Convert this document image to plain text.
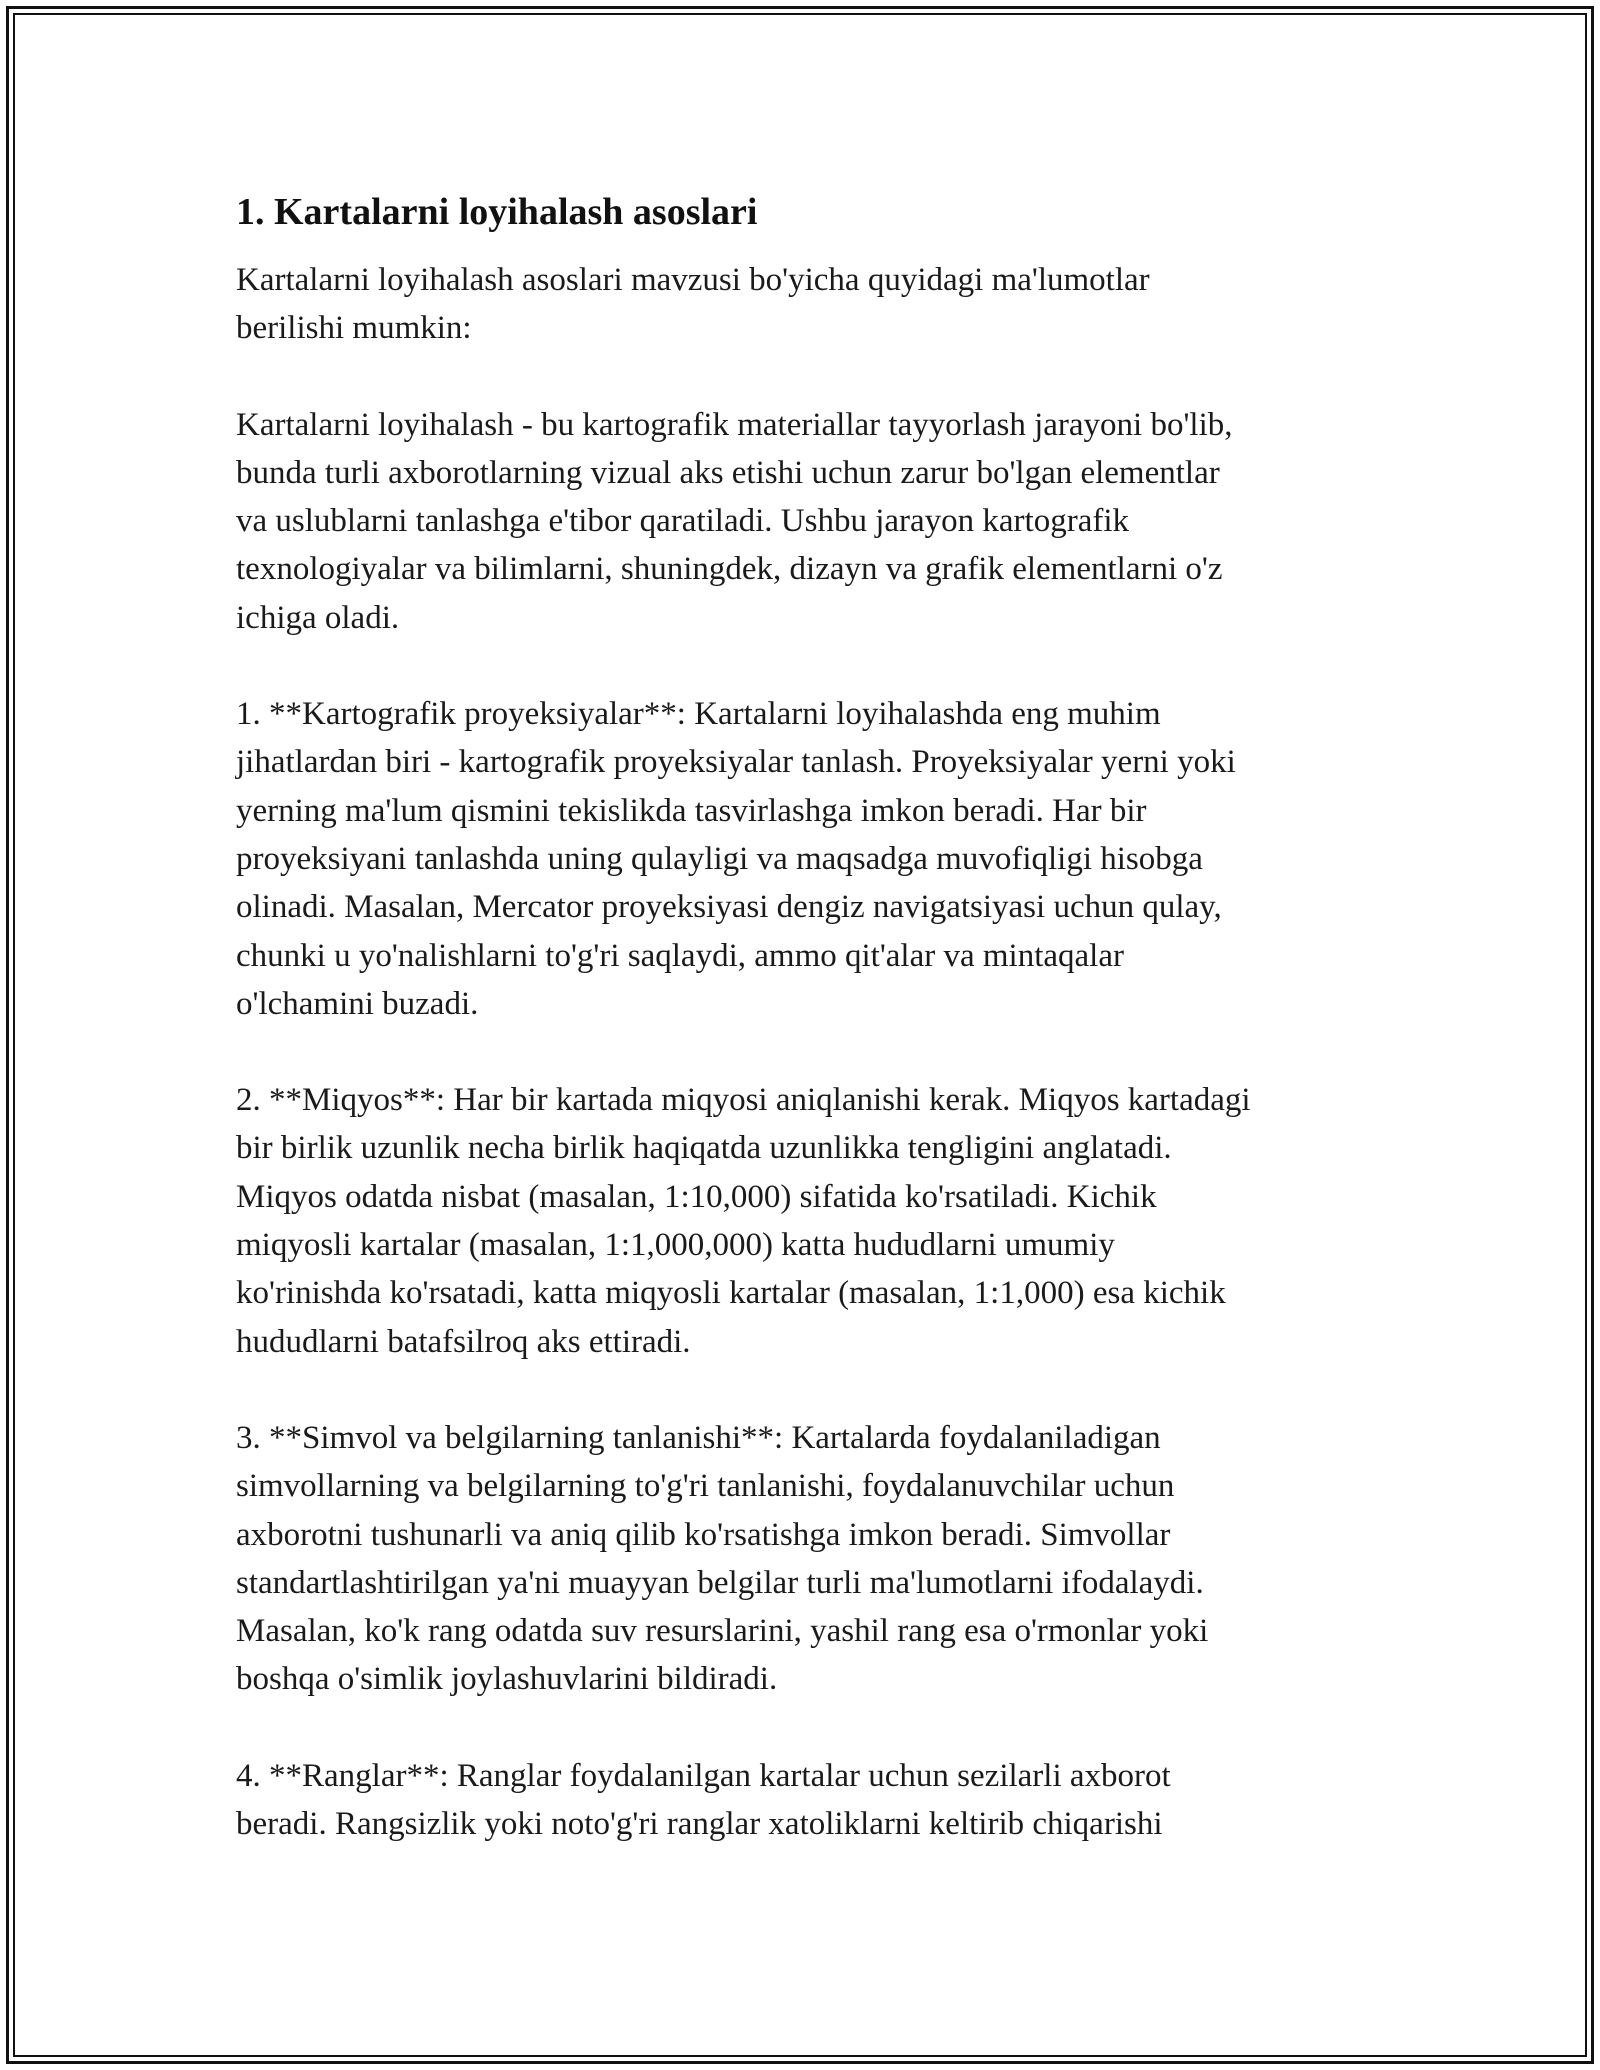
1. Kartalarni loyihalash asoslari

Kartalarni loyihalash asoslari mavzusi bo'yicha quyidagi ma'lumotlar
berilishi mumkin:

Kartalarni loyihalash - bu kartografik materiallar tayyorlash jarayoni bo'lib,
bunda turli axborotlarning vizual aks etishi uchun zarur bo'lgan elementlar
va uslublarni tanlashga e'tibor qaratiladi. Ushbu jarayon kartografik
texnologiyalar va bilimlarni, shuningdek, dizayn va grafik elementlarni o'z
ichiga oladi.

1. **Kartografik proyeksiyalar**: Kartalarni loyihalashda eng muhim
jihatlardan biri - kartografik proyeksiyalar tanlash. Proyeksiyalar yerni yoki
yerning ma'lum qismini tekislikda tasvirlashga imkon beradi. Har bir
proyeksiyani tanlashda uning qulayligi va maqsadga muvofiqligi hisobga
olinadi. Masalan, Mercator proyeksiyasi dengiz navigatsiyasi uchun qulay,
chunki u yo'nalishlarni to'g'ri saqlaydi, ammo qit'alar va mintaqalar
o'lchamini buzadi.

2. **Miqyos**: Har bir kartada miqyosi aniqlanishi kerak. Miqyos kartadagi
bir birlik uzunlik necha birlik haqiqatda uzunlikka tengligini anglatadi.
Miqyos odatda nisbat (masalan, 1:10,000) sifatida ko'rsatiladi. Kichik
miqyosli kartalar (masalan, 1:1,000,000) katta hududlarni umumiy
ko'rinishda ko'rsatadi, katta miqyosli kartalar (masalan, 1:1,000) esa kichik
hududlarni batafsilroq aks ettiradi.

3. **Simvol va belgilarning tanlanishi**: Kartalarda foydalaniladigan
simvollarning va belgilarning to'g'ri tanlanishi, foydalanuvchilar uchun
axborotni tushunarli va aniq qilib ko'rsatishga imkon beradi. Simvollar
standartlashtirilgan ya'ni muayyan belgilar turli ma'lumotlarni ifodalaydi.
Masalan, ko'k rang odatda suv resurslarini, yashil rang esa o'rmonlar yoki
boshqa o'simlik joylashuvlarini bildiradi.

4. **Ranglar**: Ranglar foydalanilgan kartalar uchun sezilarli axborot
beradi. Rangsizlik yoki noto'g'ri ranglar xatoliklarni keltirib chiqarishi
